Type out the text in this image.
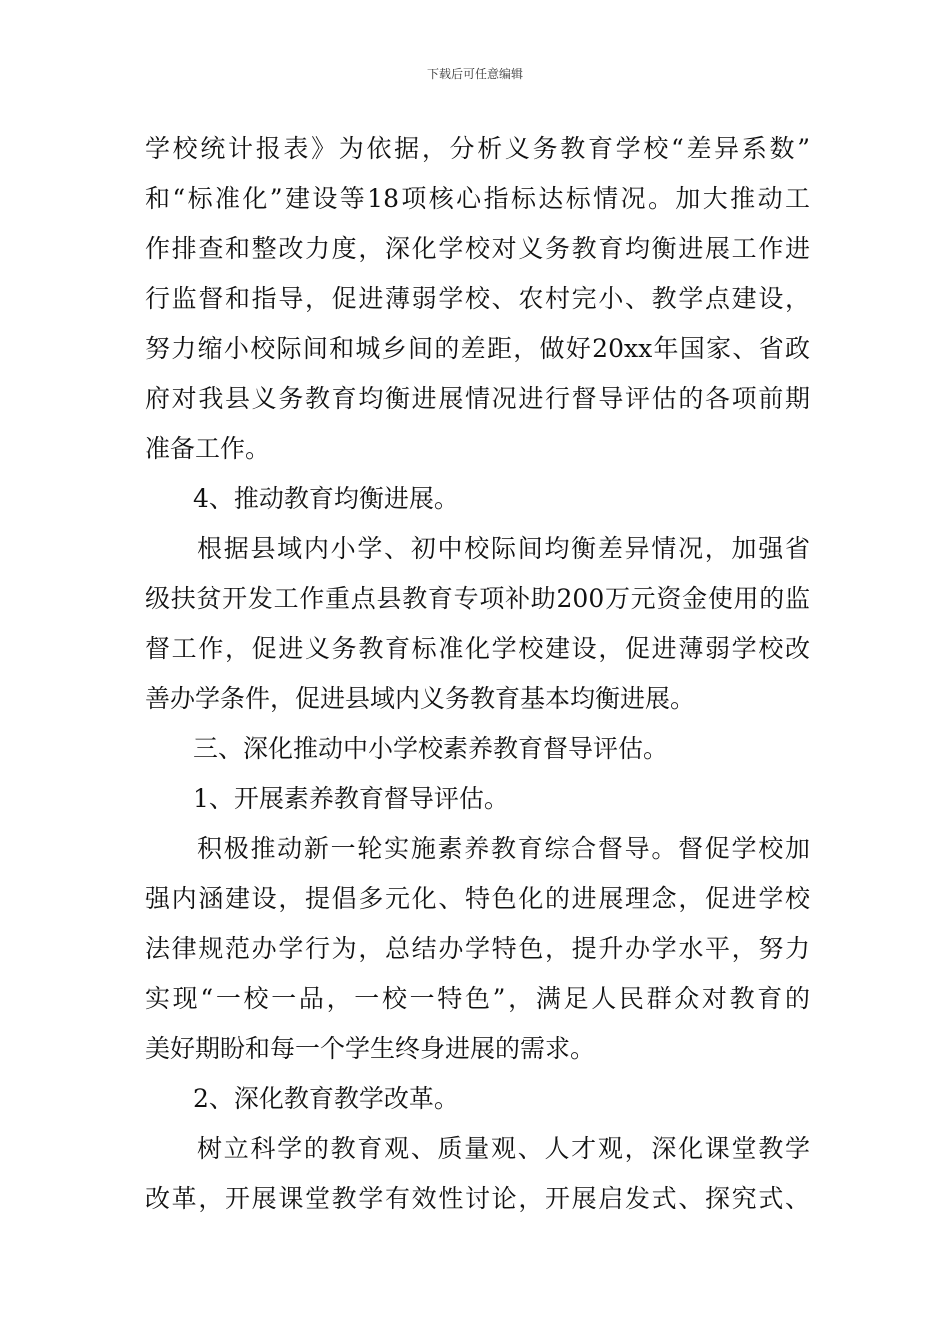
下载后可任意编辑
学校统计报表》为依据，分析义务教育学校“差异系数”
和“标准化”建设等18项核心指标达标情况。加大推动工
作排查和整改力度，深化学校对义务教育均衡进展工作进
行监督和指导，促进薄弱学校、农村完小、教学点建设，
努力缩小校际间和城乡间的差距，做好20xx年国家、省政
府对我县义务教育均衡进展情况进行督导评估的各项前期
准备工作。
4、推动教育均衡进展。
根据县域内小学、初中校际间均衡差异情况，加强省
级扶贫开发工作重点县教育专项补助200万元资金使用的监
督工作，促进义务教育标准化学校建设，促进薄弱学校改
善办学条件，促进县域内义务教育基本均衡进展。
三、深化推动中小学校素养教育督导评估。
1、开展素养教育督导评估。
积极推动新一轮实施素养教育综合督导。督促学校加
强内涵建设，提倡多元化、特色化的进展理念，促进学校
法律规范办学行为，总结办学特色，提升办学水平，努力
实现“一校一品，一校一特色”，满足人民群众对教育的
美好期盼和每一个学生终身进展的需求。
2、深化教育教学改革。
树立科学的教育观、质量观、人才观，深化课堂教学
改革，开展课堂教学有效性讨论，开展启发式、探究式、
